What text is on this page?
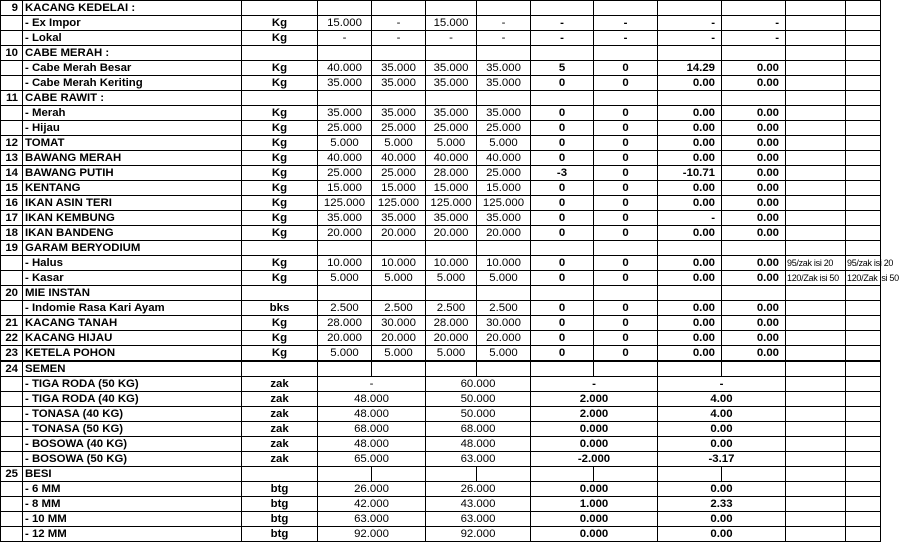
9	KACANG KEDELAI :											
	- Ex Impor	Kg	15.000	-	15.000	-	-	-	-	-		
	- Lokal	Kg	-	-	-	-	-	-	-	-		
10	CABE MERAH :											
	- Cabe Merah Besar	Kg	40.000	35.000	35.000	35.000	5	0	14.29	0.00		
	- Cabe Merah Keriting	Kg	35.000	35.000	35.000	35.000	0	0	0.00	0.00		
11	CABE RAWIT :											
	- Merah	Kg	35.000	35.000	35.000	35.000	0	0	0.00	0.00		
	- Hijau	Kg	25.000	25.000	25.000	25.000	0	0	0.00	0.00		
12	TOMAT	Kg	5.000	5.000	5.000	5.000	0	0	0.00	0.00		
13	BAWANG MERAH	Kg	40.000	40.000	40.000	40.000	0	0	0.00	0.00		
14	BAWANG PUTIH	Kg	25.000	25.000	28.000	25.000	-3	0	-10.71	0.00		
15	KENTANG	Kg	15.000	15.000	15.000	15.000	0	0	0.00	0.00		
16	IKAN ASIN TERI	Kg	125.000	125.000	125.000	125.000	0	0	0.00	0.00		
17	IKAN KEMBUNG	Kg	35.000	35.000	35.000	35.000	0	0	-	0.00		
18	IKAN BANDENG	Kg	20.000	20.000	20.000	20.000	0	0	0.00	0.00		
19	GARAM BERYODIUM											
	- Halus	Kg	10.000	10.000	10.000	10.000	0	0	0.00	0.00	95/zak isi 20	95/zak isi 20
	- Kasar	Kg	5.000	5.000	5.000	5.000	0	0	0.00	0.00	120/Zak isi 50	120/Zak isi 50
20	MIE INSTAN											
	- Indomie Rasa Kari Ayam	bks	2.500	2.500	2.500	2.500	0	0	0.00	0.00		
21	KACANG TANAH	Kg	28.000	30.000	28.000	30.000	0	0	0.00	0.00		
22	KACANG HIJAU	Kg	20.000	20.000	20.000	20.000	0	0	0.00	0.00		
23	KETELA POHON	Kg	5.000	5.000	5.000	5.000	0	0	0.00	0.00		
24	SEMEN											
	- TIGA RODA (50 KG)	zak	-		60.000		-		-			
	- TIGA RODA (40 KG)	zak	48.000		50.000		2.000		4.00			
	- TONASA (40 KG)	zak	48.000		50.000		2.000		4.00			
	- TONASA (50 KG)	zak	68.000		68.000		0.000		0.00			
	- BOSOWA (40 KG)	zak	48.000		48.000		0.000		0.00			
	- BOSOWA (50 KG)	zak	65.000		63.000		-2.000		-3.17			
25	BESI											
	- 6 MM	btg	26.000		26.000		0.000		0.00			
	- 8 MM	btg	42.000		43.000		1.000		2.33			
	- 10 MM	btg	63.000		63.000		0.000		0.00			
	- 12 MM	btg	92.000		92.000		0.000		0.00			
